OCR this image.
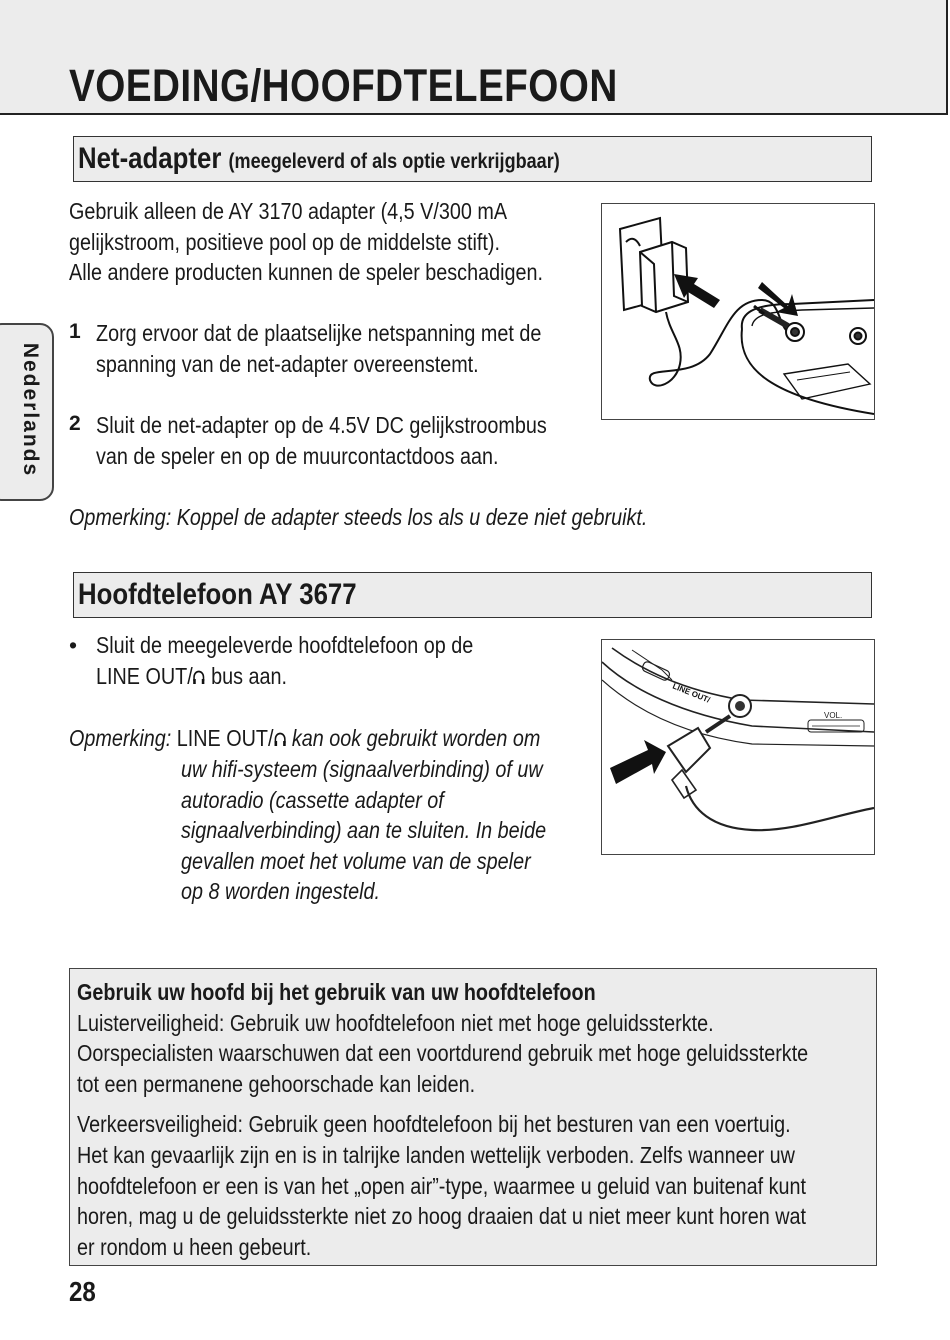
VOEDING/HOOFDTELEFOON
Nederlands
Net-adapter (meegeleverd of als optie verkrijgbaar)
Gebruik alleen de AY 3170 adapter (4,5 V/300 mA
gelijkstroom, positieve pool op de middelste stift).
Alle andere producten kunnen de speler beschadigen.
1 Zorg ervoor dat de plaatselijke netspanning met de
spanning van de net-adapter overeenstemt.
2 Sluit de net-adapter op de 4.5V DC gelijkstroombus
van de speler en op de muurcontactdoos aan.
Opmerking: Koppel de adapter steeds los als u deze niet gebruikt.
Hoofdtelefoon AY 3677
• Sluit de meegeleverde hoofdtelefoon op de
LINE OUT/ bus aan.
Opmerking: LINE OUT/ kan ook gebruikt worden om
uw hifi-systeem (signaalverbinding) of uw
autoradio (cassette adapter of
signaalverbinding) aan te sluiten. In beide
gevallen moet het volume van de speler
op 8 worden ingesteld.
LINE OUT/
VOL.
Gebruik uw hoofd bij het gebruik van uw hoofdtelefoon
Luisterveiligheid: Gebruik uw hoofdtelefoon niet met hoge geluidssterkte.
Oorspecialisten waarschuwen dat een voortdurend gebruik met hoge geluidssterkte
tot een permanene gehoorschade kan leiden.
Verkeersveiligheid: Gebruik geen hoofdtelefoon bij het besturen van een voertuig.
Het kan gevaarlijk zijn en is in talrijke landen wettelijk verboden. Zelfs wanneer uw
hoofdtelefoon er een is van het „open air”-type, waarmee u geluid van buitenaf kunt
horen, mag u de geluidssterkte niet zo hoog draaien dat u niet meer kunt horen wat
er rondom u heen gebeurt.
28
